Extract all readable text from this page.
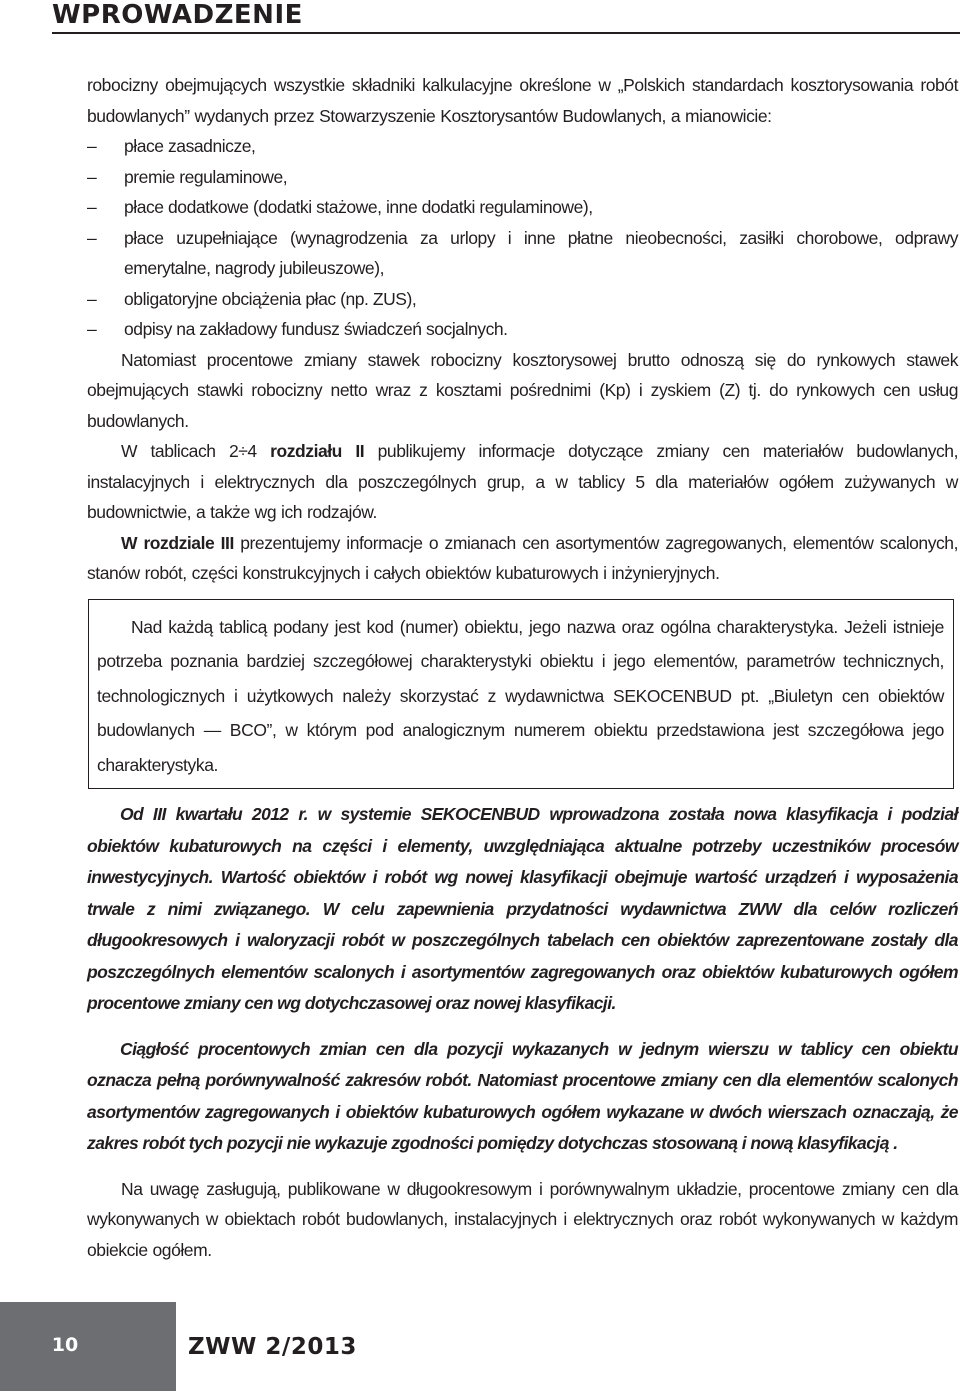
WPROWADZENIE

robocizny obejmujących wszystkie składniki kalkulacyjne określone w „Polskich standardach kosztorysowania robót budowlanych” wydanych przez Stowarzyszenie Kosztorysantów Budowlanych, a mianowicie:

–	płace zasadnicze,
–	premie regulaminowe,
–	płace dodatkowe (dodatki stażowe, inne dodatki regulaminowe),
–	płace uzupełniające (wynagrodzenia za urlopy i inne płatne nieobecności, zasiłki chorobowe, odprawy emerytalne, nagrody jubileuszowe),
–	obligatoryjne obciążenia płac (np. ZUS),
–	odpisy na zakładowy fundusz świadczeń socjalnych.

Natomiast procentowe zmiany stawek robocizny kosztorysowej brutto odnoszą się do rynkowych stawek obejmujących stawki robocizny netto wraz z kosztami pośrednimi (Kp) i zyskiem (Z) tj. do rynkowych cen usług budowlanych.

W tablicach 2÷4 rozdziału II publikujemy informacje dotyczące zmiany cen materiałów budowlanych, instalacyjnych i elektrycznych dla poszczególnych grup, a w tablicy 5 dla materiałów ogółem zużywanych w budownictwie, a także wg ich rodzajów.

W rozdziale III prezentujemy informacje o zmianach cen asortymentów zagregowanych, elementów scalonych, stanów robót, części konstrukcyjnych i całych obiektów kubaturowych i inżynieryjnych.

Nad każdą tablicą podany jest kod (numer) obiektu, jego nazwa oraz ogólna charakterystyka. Jeżeli istnieje potrzeba poznania bardziej szczegółowej charakterystyki obiektu i jego elementów, parametrów technicznych, technologicznych i użytkowych należy skorzystać z wydawnictwa SEKOCENBUD pt. „Biuletyn cen obiektów budowlanych — BCO”, w którym pod analogicznym numerem obiektu przedstawiona jest szczegółowa jego charakterystyka.

Od III kwartału 2012 r. w systemie SEKOCENBUD wprowadzona została nowa klasyfikacja i podział obiektów kubaturowych na części i elementy, uwzględniająca aktualne potrzeby uczestników procesów inwestycyjnych. Wartość obiektów i robót wg nowej klasyfikacji obejmuje wartość urządzeń i wyposażenia trwale z nimi związanego. W celu zapewnienia przydatności wydawnictwa ZWW dla celów rozliczeń długookresowych i waloryzacji robót w poszczególnych tabelach cen obiektów zaprezentowane zostały dla poszczególnych elementów scalonych i asortymentów zagregowanych oraz obiektów kubaturowych ogółem procentowe zmiany cen wg dotychczasowej oraz nowej klasyfikacji.

Ciągłość procentowych zmian cen dla pozycji wykazanych w jednym wierszu w tablicy cen obiektu oznacza pełną porównywalność zakresów robót. Natomiast procentowe zmiany cen dla elementów scalonych asortymentów zagregowanych i obiektów kubaturowych ogółem wykazane w dwóch wierszach oznaczają, że zakres robót tych pozycji nie wykazuje zgodności pomiędzy dotychczas stosowaną i nową klasyfikacją .

Na uwagę zasługują, publikowane w długookresowym i porównywalnym układzie, procentowe zmiany cen dla wykonywanych w obiektach robót budowlanych, instalacyjnych i elektrycznych oraz robót wykonywanych w każdym obiekcie ogółem.

10	ZWW 2/2013
